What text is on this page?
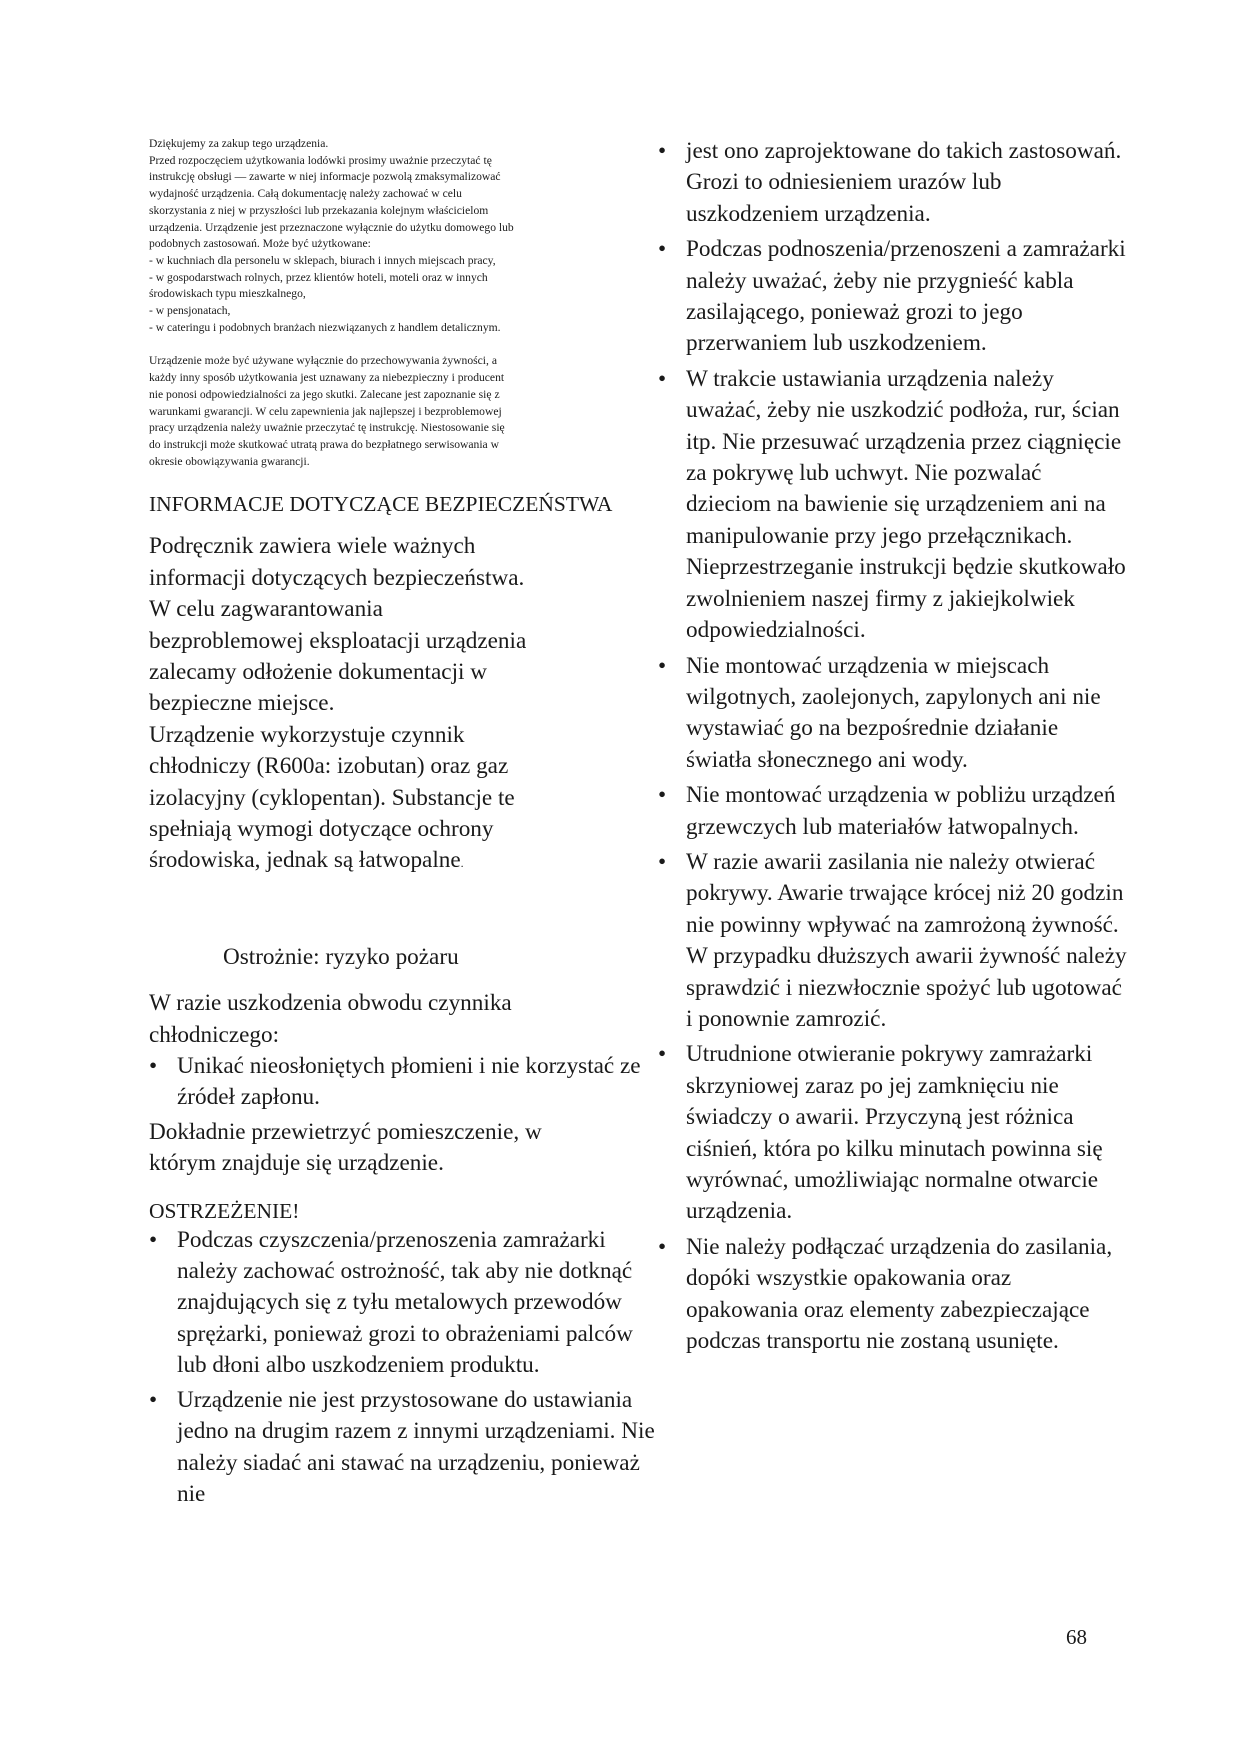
Dziękujemy za zakup tego urządzenia.

Przed rozpoczęciem użytkowania lodówki prosimy uważnie przeczytać tę

instrukcję obsługi — zawarte w niej informacje pozwolą zmaksymalizować

wydajność urządzenia. Całą dokumentację należy zachować w celu

skorzystania z niej w przyszłości lub przekazania kolejnym właścicielom

urządzenia. Urządzenie jest przeznaczone wyłącznie do użytku domowego lub

podobnych zastosowań. Może być użytkowane:

- w kuchniach dla personelu w sklepach, biurach i innych miejscach pracy,

- w gospodarstwach rolnych, przez klientów hoteli, moteli oraz w innych

środowiskach typu mieszkalnego,

- w pensjonatach,

- w cateringu i podobnych branżach niezwiązanych z handlem detalicznym.

Urządzenie może być używane wyłącznie do przechowywania żywności, a

każdy inny sposób użytkowania jest uznawany za niebezpieczny i producent

nie ponosi odpowiedzialności za jego skutki. Zalecane jest zapoznanie się z

warunkami gwarancji. W celu zapewnienia jak najlepszej i bezproblemowej

pracy urządzenia należy uważnie przeczytać tę instrukcję. Niestosowanie się

do instrukcji może skutkować utratą prawa do bezpłatnego serwisowania w

okresie obowiązywania gwarancji.

INFORMACJE DOTYCZĄCE BEZPIECZEŃSTWA

Podręcznik zawiera wiele ważnych

informacji dotyczących bezpieczeństwa.

W celu zagwarantowania

bezproblemowej eksploatacji urządzenia

zalecamy odłożenie dokumentacji w

bezpieczne miejsce.

Urządzenie wykorzystuje czynnik

chłodniczy (R600a: izobutan) oraz gaz

izolacyjny (cyklopentan). Substancje te

spełniają wymogi dotyczące ochrony

środowiska, jednak są łatwopalne.

Ostrożnie: ryzyko pożaru

W razie uszkodzenia obwodu czynnika

chłodniczego:

• Unikać nieosłoniętych płomieni i nie korzystać ze źródeł zapłonu.

Dokładnie przewietrzyć pomieszczenie, w

którym znajduje się urządzenie.

OSTRZEŻENIE!
• Podczas czyszczenia/przenoszenia zamrażarki należy zachować ostrożność, tak aby nie dotknąć znajdujących się z tyłu metalowych przewodów sprężarki, ponieważ grozi to obrażeniami palców lub dłoni albo uszkodzeniem produktu.
• Urządzenie nie jest przystosowane do ustawiania jedno na drugim razem z innymi urządzeniami. Nie należy siadać ani stawać na urządzeniu, ponieważ nie
• jest ono zaprojektowane do takich zastosowań. Grozi to odniesieniem urazów lub uszkodzeniem urządzenia.
• Podczas podnoszenia/przenoszeni a zamrażarki należy uważać, żeby nie przygnieść kabla zasilającego, ponieważ grozi to jego przerwaniem lub uszkodzeniem.
• W trakcie ustawiania urządzenia należy uważać, żeby nie uszkodzić podłoża, rur, ścian itp. Nie przesuwać urządzenia przez ciągnięcie za pokrywę lub uchwyt. Nie pozwalać dzieciom na bawienie się urządzeniem ani na manipulowanie przy jego przełącznikach. Nieprzestrzeganie instrukcji będzie skutkowało zwolnieniem naszej firmy z jakiejkolwiek odpowiedzialności.
• Nie montować urządzenia w miejscach wilgotnych, zaolejonych, zapylonych ani nie wystawiać go na bezpośrednie działanie światła słonecznego ani wody.
• Nie montować urządzenia w pobliżu urządzeń grzewczych lub materiałów łatwopalnych.
• W razie awarii zasilania nie należy otwierać pokrywy. Awarie trwające krócej niż 20 godzin nie powinny wpływać na zamrożoną żywność. W przypadku dłuższych awarii żywność należy sprawdzić i niezwłocznie spożyć lub ugotować i ponownie zamrozić.
• Utrudnione otwieranie pokrywy zamrażarki skrzyniowej zaraz po jej zamknięciu nie świadczy o awarii. Przyczyną jest różnica ciśnień, która po kilku minutach powinna się wyrównać, umożliwiając normalne otwarcie urządzenia.
• Nie należy podłączać urządzenia do zasilania, dopóki wszystkie opakowania oraz opakowania oraz elementy zabezpieczające podczas transportu nie zostaną usunięte.
68
